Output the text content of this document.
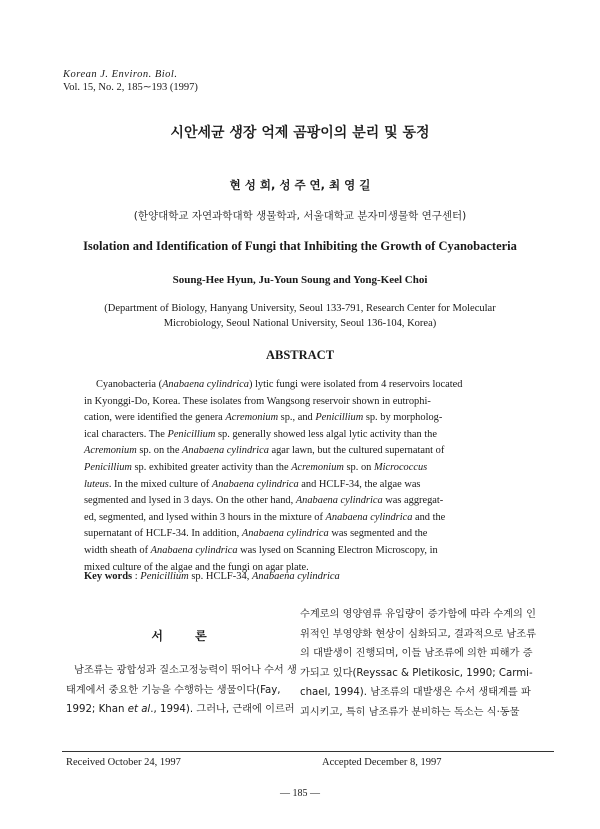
Korean J. Environ. Biol.
Vol. 15, No. 2, 185∼193 (1997)
시안세균 생장 억제 곰팡이의 분리 및 동정
현 성 희, 성 주 연, 최 영 길
(한양대학교 자연과학대학 생물학과, 서울대학교 분자미생물학 연구센터)
Isolation and Identification of Fungi that Inhibiting the Growth of Cyanobacteria
Soung-Hee Hyun, Ju-Youn Soung and Yong-Keel Choi
(Department of Biology, Hanyang University, Seoul 133-791, Research Center for Molecular
Microbiology, Seoul National University, Seoul 136-104, Korea)
ABSTRACT
Cyanobacteria (Anabaena cylindrica) lytic fungi were isolated from 4 reservoirs located
in Kyonggi-Do, Korea. These isolates from Wangsong reservoir shown in eutrophi-
cation, were identified the genera Acremonium sp., and Penicillium sp. by morpholog-
ical characters. The Penicillium sp. generally showed less algal lytic activity than the
Acremonium sp. on the Anabaena cylindrica agar lawn, but the cultured supernatant of
Penicillium sp. exhibited greater activity than the Acremonium sp. on Micrococcus
luteus. In the mixed culture of Anabaena cylindrica and HCLF-34, the algae was
segmented and lysed in 3 days. On the other hand, Anabaena cylindrica was aggregat-
ed, segmented, and lysed within 3 hours in the mixture of Anabaena cylindrica and the
supernatant of HCLF-34. In addition, Anabaena cylindrica was segmented and the
width sheath of Anabaena cylindrica was lysed on Scanning Electron Microscopy, in
mixed culture of the algae and the fungi on agar plate.
Key words : Penicillium sp. HCLF-34, Anabaena cylindrica
서 론
남조류는 광합성과 질소고정능력이 뛰어나 수서 생
태계에서 중요한 기능을 수행하는 생물이다(Fay,
1992; Khan et al., 1994). 그러나, 근래에 이르러
수계로의 영양염류 유입량이 증가함에 따라 수계의 인
위적인 부영양화 현상이 심화되고, 결과적으로 남조류
의 대발생이 진행되며, 이들 남조류에 의한 피해가 증
가되고 있다(Reyssac & Pletikosic, 1990; Carmi-
chael, 1994). 남조류의 대발생은 수서 생태계를 파
괴시키고, 특히 남조류가 분비하는 독소는 식·동물
Received October 24, 1997	Accepted December 8, 1997
— 185 —
